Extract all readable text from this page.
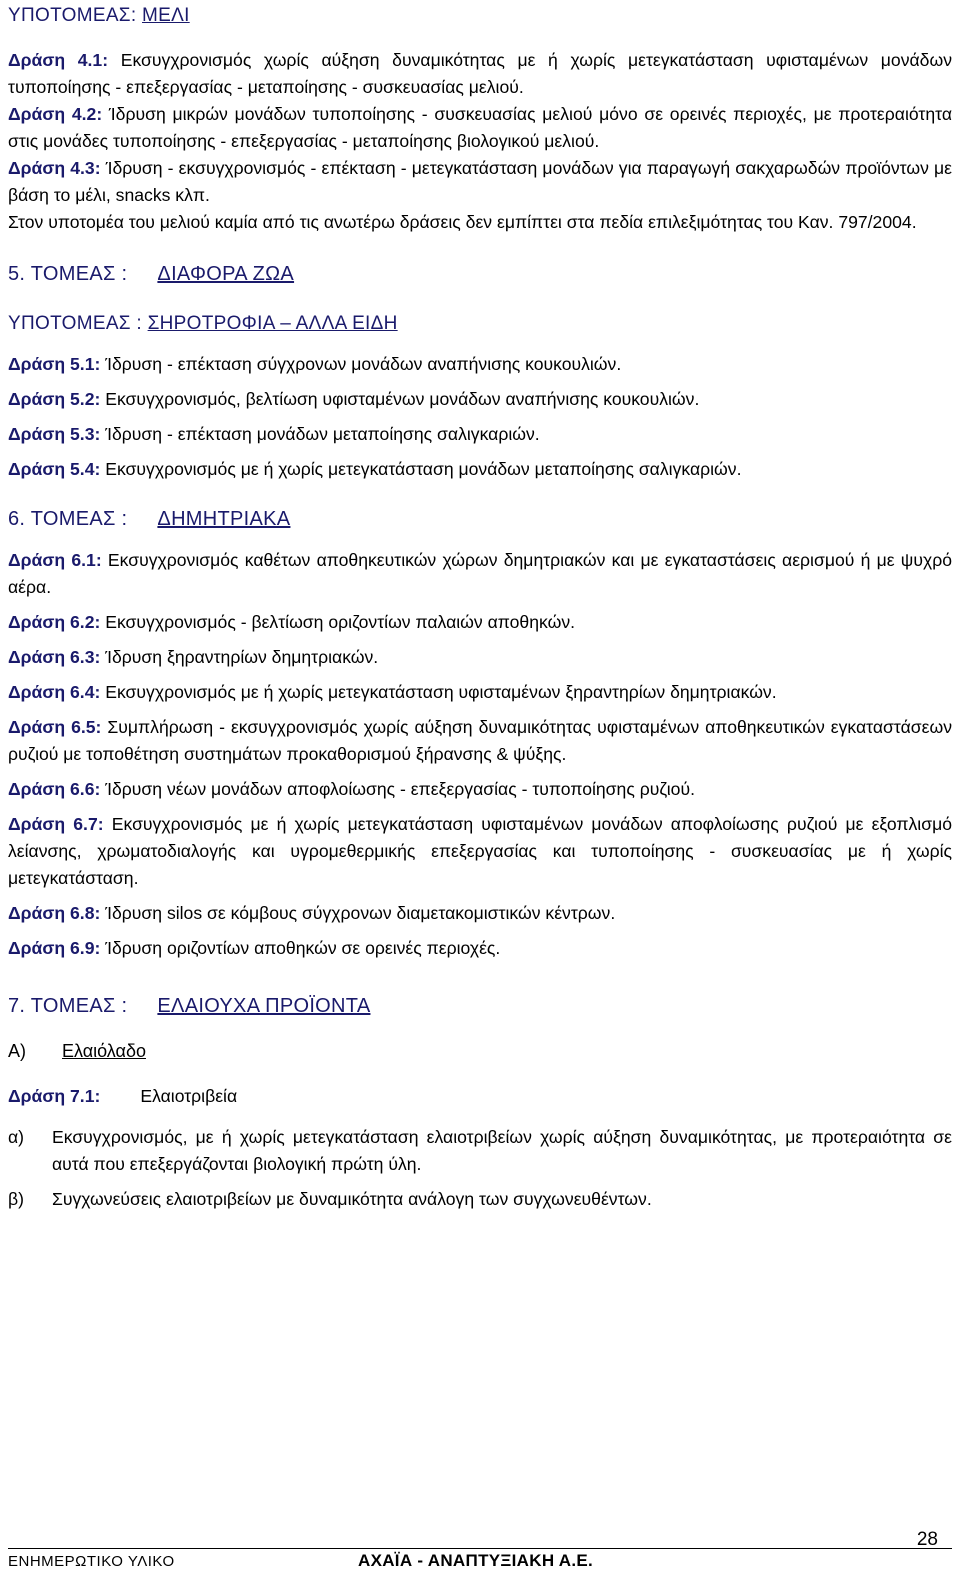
ΥΠΟΤΟΜΕΑΣ: ΜΕΛΙ

Δράση 4.1: Εκσυγχρονισμός χωρίς αύξηση δυναμικότητας με ή χωρίς μετεγκατάσταση υφισταμένων μονάδων τυποποίησης - επεξεργασίας - μεταποίησης - συσκευασίας μελιού.

Δράση 4.2: Ίδρυση μικρών μονάδων τυποποίησης - συσκευασίας μελιού μόνο σε ορεινές περιοχές, με προτεραιότητα στις μονάδες τυποποίησης - επεξεργασίας - μεταποίησης βιολογικού μελιού.

Δράση 4.3: Ίδρυση - εκσυγχρονισμός - επέκταση - μετεγκατάσταση μονάδων για παραγωγή σακχαρωδών προϊόντων με βάση το μέλι, snacks κλπ.

Στον υποτομέα του μελιού καμία από τις ανωτέρω δράσεις δεν εμπίπτει στα πεδία επιλεξιμότητας του Καν. 797/2004.

5. ΤΟΜΕΑΣ : ΔΙΑΦΟΡΑ ΖΩΑ

ΥΠΟΤΟΜΕΑΣ : ΣΗΡΟΤΡΟΦΙΑ – ΑΛΛΑ ΕΙΔΗ

Δράση 5.1: Ίδρυση - επέκταση σύγχρονων μονάδων αναπήνισης κουκουλιών.

Δράση 5.2: Εκσυγχρονισμός, βελτίωση υφισταμένων μονάδων αναπήνισης κουκουλιών.

Δράση 5.3: Ίδρυση - επέκταση μονάδων μεταποίησης σαλιγκαριών.

Δράση 5.4: Εκσυγχρονισμός με ή χωρίς μετεγκατάσταση μονάδων μεταποίησης σαλιγκαριών.

6. ΤΟΜΕΑΣ : ΔΗΜΗΤΡΙΑΚΑ

Δράση 6.1: Εκσυγχρονισμός καθέτων αποθηκευτικών χώρων δημητριακών και με εγκαταστάσεις αερισμού ή με ψυχρό αέρα.

Δράση 6.2: Εκσυγχρονισμός - βελτίωση οριζοντίων παλαιών αποθηκών.

Δράση 6.3: Ίδρυση ξηραντηρίων δημητριακών.

Δράση 6.4: Εκσυγχρονισμός με ή χωρίς μετεγκατάσταση υφισταμένων ξηραντηρίων δημητριακών.

Δράση 6.5: Συμπλήρωση - εκσυγχρονισμός χωρίς αύξηση δυναμικότητας υφισταμένων αποθηκευτικών εγκαταστάσεων ρυζιού με τοποθέτηση συστημάτων προκαθορισμού ξήρανσης & ψύξης.

Δράση 6.6: Ίδρυση νέων μονάδων αποφλοίωσης - επεξεργασίας - τυποποίησης ρυζιού.

Δράση 6.7: Εκσυγχρονισμός με ή χωρίς μετεγκατάσταση υφισταμένων μονάδων αποφλοίωσης ρυζιού με εξοπλισμό λείανσης, χρωματοδιαλογής και υγρομεθερμικής επεξεργασίας και τυποποίησης - συσκευασίας με ή χωρίς μετεγκατάσταση.

Δράση 6.8: Ίδρυση silos σε κόμβους σύγχρονων διαμετακομιστικών κέντρων.

Δράση 6.9: Ίδρυση οριζοντίων αποθηκών σε ορεινές περιοχές.

7. ΤΟΜΕΑΣ : ΕΛΑΙΟΥΧΑ ΠΡΟΪΟΝΤΑ

Α) Ελαιόλαδο

Δράση 7.1: Ελαιοτριβεία

α)	Εκσυγχρονισμός, με ή χωρίς μετεγκατάσταση ελαιοτριβείων χωρίς αύξηση δυναμικότητας, με προτεραιότητα σε αυτά που επεξεργάζονται βιολογική πρώτη ύλη.
β)	Συγχωνεύσεις ελαιοτριβείων με δυναμικότητα ανάλογη των συγχωνευθέντων.
ΕΝΗΜΕΡΩΤΙΚΟ ΥΛΙΚΟ	ΑΧΑΪΑ - ΑΝΑΠΤΥΞΙΑΚΗ Α.Ε.
28
